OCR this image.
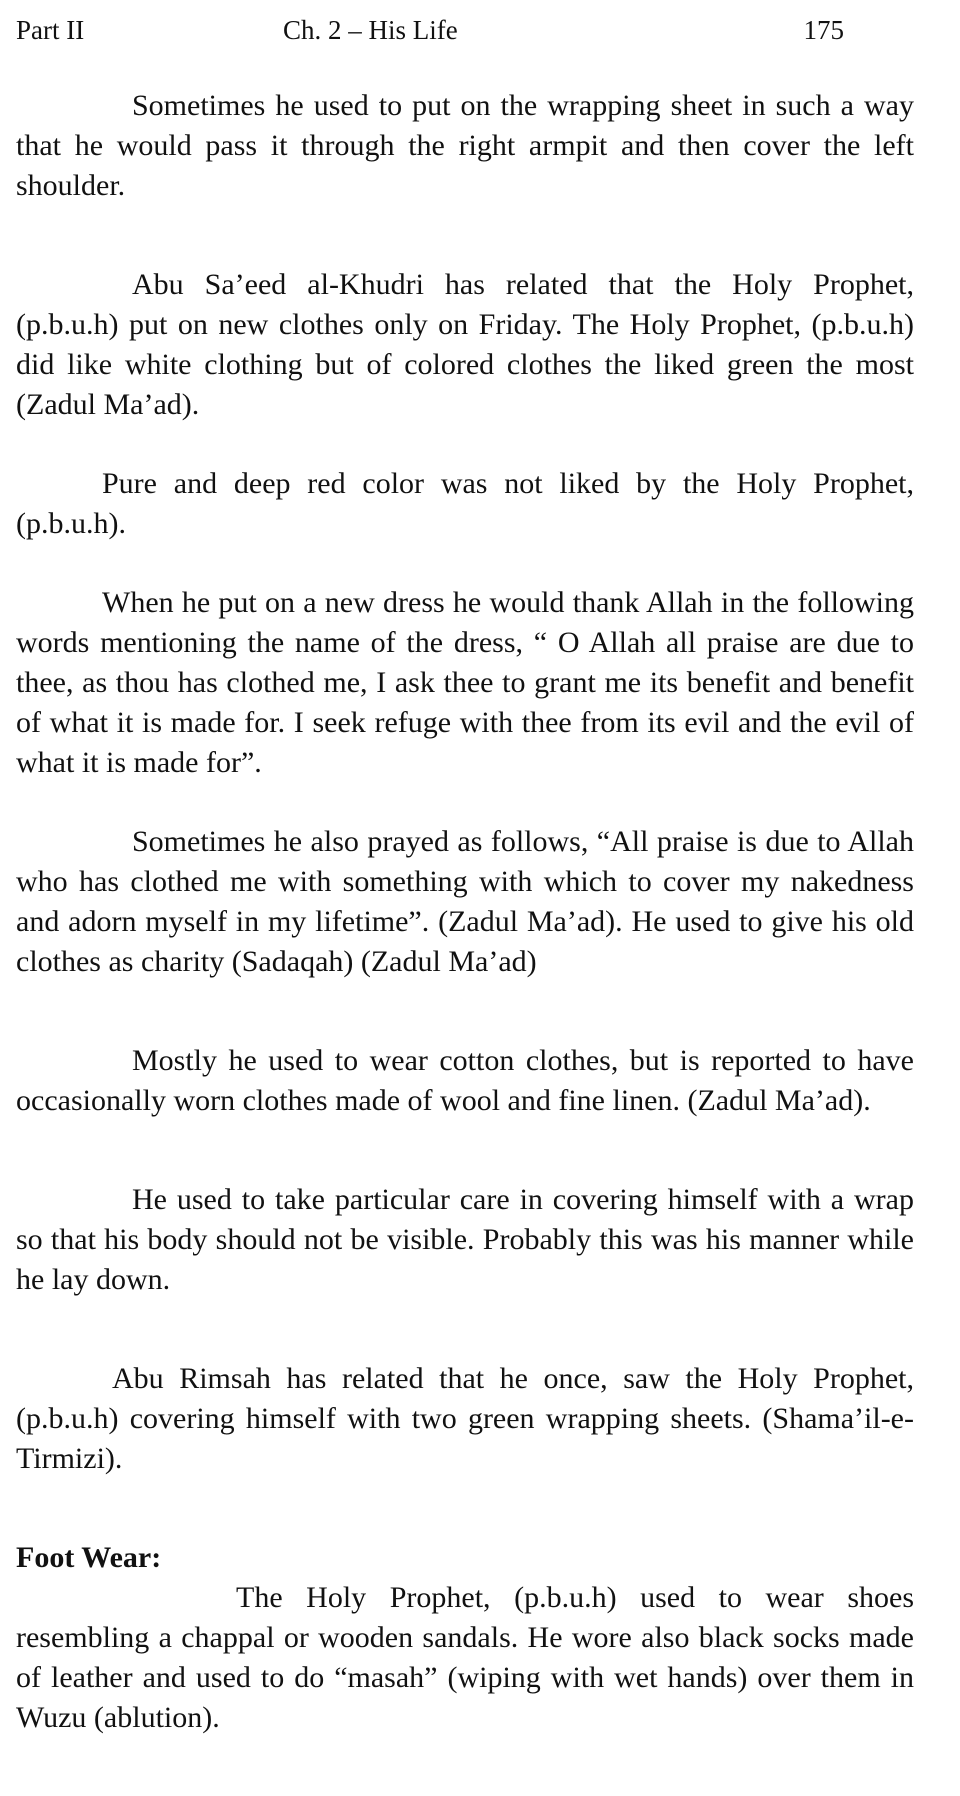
Part II	Ch. 2 – His Life	175

Sometimes he used to put on the wrapping sheet in such a way that he would pass it through the right armpit and then cover the left shoulder.

Abu Sa’eed al-Khudri has related that the Holy Prophet, (p.b.u.h) put on new clothes only on Friday. The Holy Prophet, (p.b.u.h) did like white clothing but of colored clothes the liked green the most (Zadul Ma’ad).

Pure and deep red color was not liked by the Holy Prophet, (p.b.u.h).

When he put on a new dress he would thank Allah in the following words mentioning the name of the dress, “ O Allah all praise are due to thee, as thou has clothed me, I ask thee to grant me its benefit and benefit of what it is made for. I seek refuge with thee from its evil and the evil of what it is made for”.

Sometimes he also prayed as follows, “All praise is due to Allah who has clothed me with something with which to cover my nakedness and adorn myself in my lifetime”. (Zadul Ma’ad). He used to give his old clothes as charity (Sadaqah) (Zadul Ma’ad)

Mostly he used to wear cotton clothes, but is reported to have occasionally worn clothes made of wool and fine linen. (Zadul Ma’ad).

He used to take particular care in covering himself with a wrap so that his body should not be visible. Probably this was his manner while he lay down.

Abu Rimsah has related that he once, saw the Holy Prophet, (p.b.u.h) covering himself with two green wrapping sheets. (Shama’il-e-Tirmizi).

Foot Wear:

The Holy Prophet, (p.b.u.h) used to wear shoes resembling a chappal or wooden sandals. He wore also black socks made of leather and used to do “masah” (wiping with wet hands) over them in Wuzu (ablution).
